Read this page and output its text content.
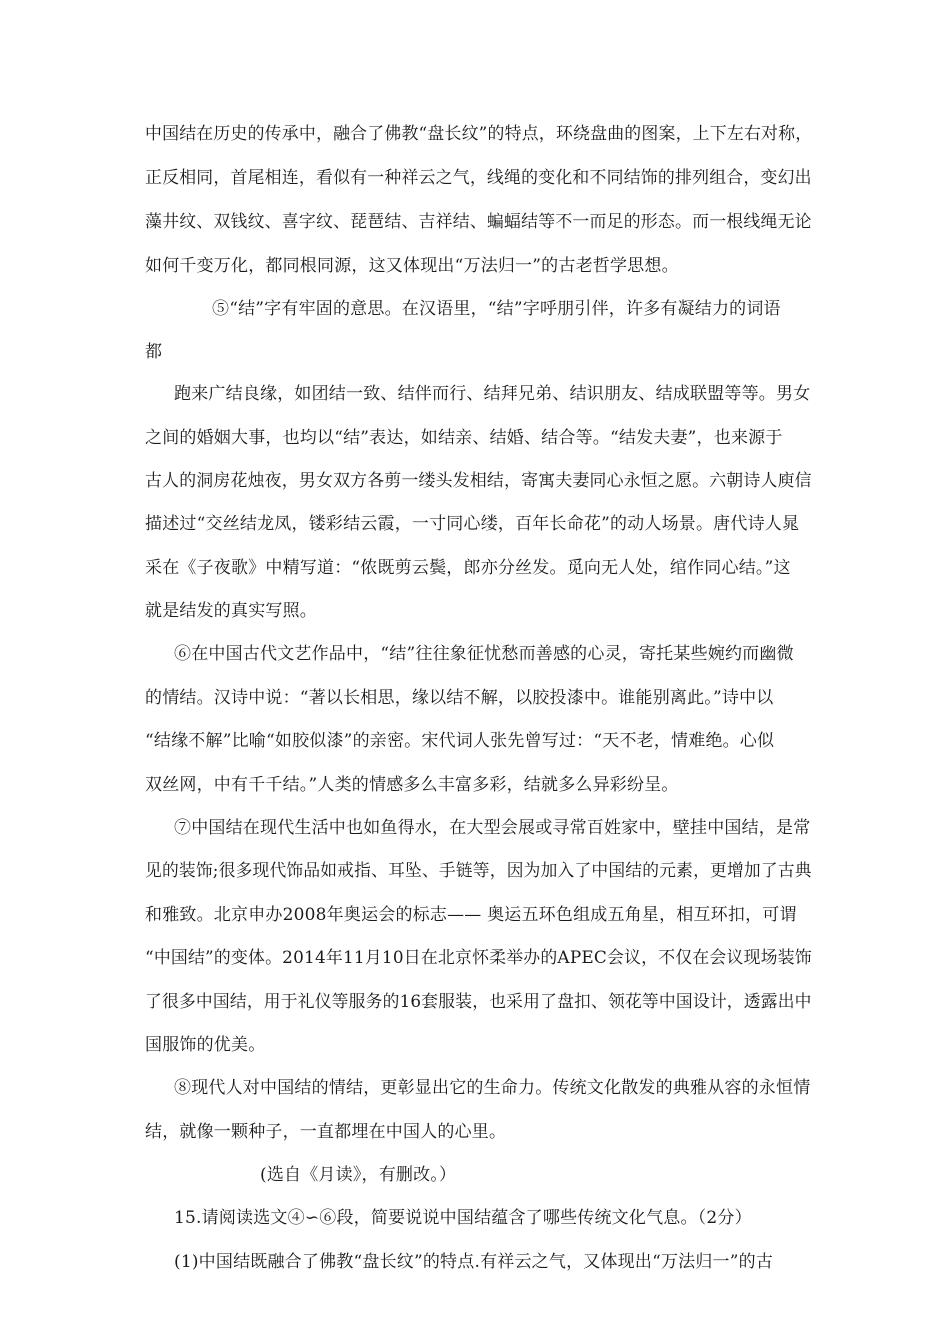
中国结在历史的传承中，融合了佛教“盘长纹”的特点，环绕盘曲的图案，上下左右对称，

正反相同，首尾相连，看似有一种祥云之气，线绳的变化和不同结饰的排列组合，变幻出

藻井纹、双钱纹、喜字纹、琵琶结、吉祥结、蝙蝠结等不一而足的形态。而一根线绳无论

如何千变万化，都同根同源，这又体现出“万法归一”的古老哲学思想。

⑤“结”字有牢固的意思。在汉语里，“结”字呼朋引伴，许多有凝结力的词语

都

跑来广结良缘，如团结一致、结伴而行、结拜兄弟、结识朋友、结成联盟等等。男女

之间的婚姻大事，也均以“结”表达，如结亲、结婚、结合等。“结发夫妻”，也来源于

古人的洞房花烛夜，男女双方各剪一缕头发相结，寄寓夫妻同心永恒之愿。六朝诗人庾信

描述过“交丝结龙凤，镂彩结云霞，一寸同心缕，百年长命花”的动人场景。唐代诗人晁

采在《子夜歌》中精写道：“侬既剪云鬓，郎亦分丝发。觅向无人处，绾作同心结。”这

就是结发的真实写照。

⑥在中国古代文艺作品中，“结”往往象征忧愁而善感的心灵，寄托某些婉约而幽微

的情结。汉诗中说：“著以长相思，缘以结不解，以胶投漆中。谁能别离此。”诗中以

“结缘不解”比喻“如胶似漆”的亲密。宋代词人张先曾写过：“天不老，情难绝。心似

双丝网，中有千千结。”人类的情感多么丰富多彩，结就多么异彩纷呈。

⑦中国结在现代生活中也如鱼得水，在大型会展或寻常百姓家中，壁挂中国结，是常

见的装饰;很多现代饰品如戒指、耳坠、手链等，因为加入了中国结的元素，更增加了古典

和雅致。北京申办2008年奥运会的标志—— 奥运五环色组成五角星，相互环扣，可谓

“中国结”的变体。2014年11月10日在北京怀柔举办的APEC会议，不仅在会议现场装饰

了很多中国结，用于礼仪等服务的16套服装，也采用了盘扣、领花等中国设计，透露出中

国服饰的优美。

⑧现代人对中国结的情结，更彰显出它的生命力。传统文化散发的典雅从容的永恒情

结，就像一颗种子，一直都埋在中国人的心里。

(选自《月读》，有删改。）

15.请阅读选文④∽⑥段，简要说说中国结蕴含了哪些传统文化气息。（2分）

(1)中国结既融合了佛教“盘长纹”的特点.有祥云之气，又体现出“万法归一”的古
